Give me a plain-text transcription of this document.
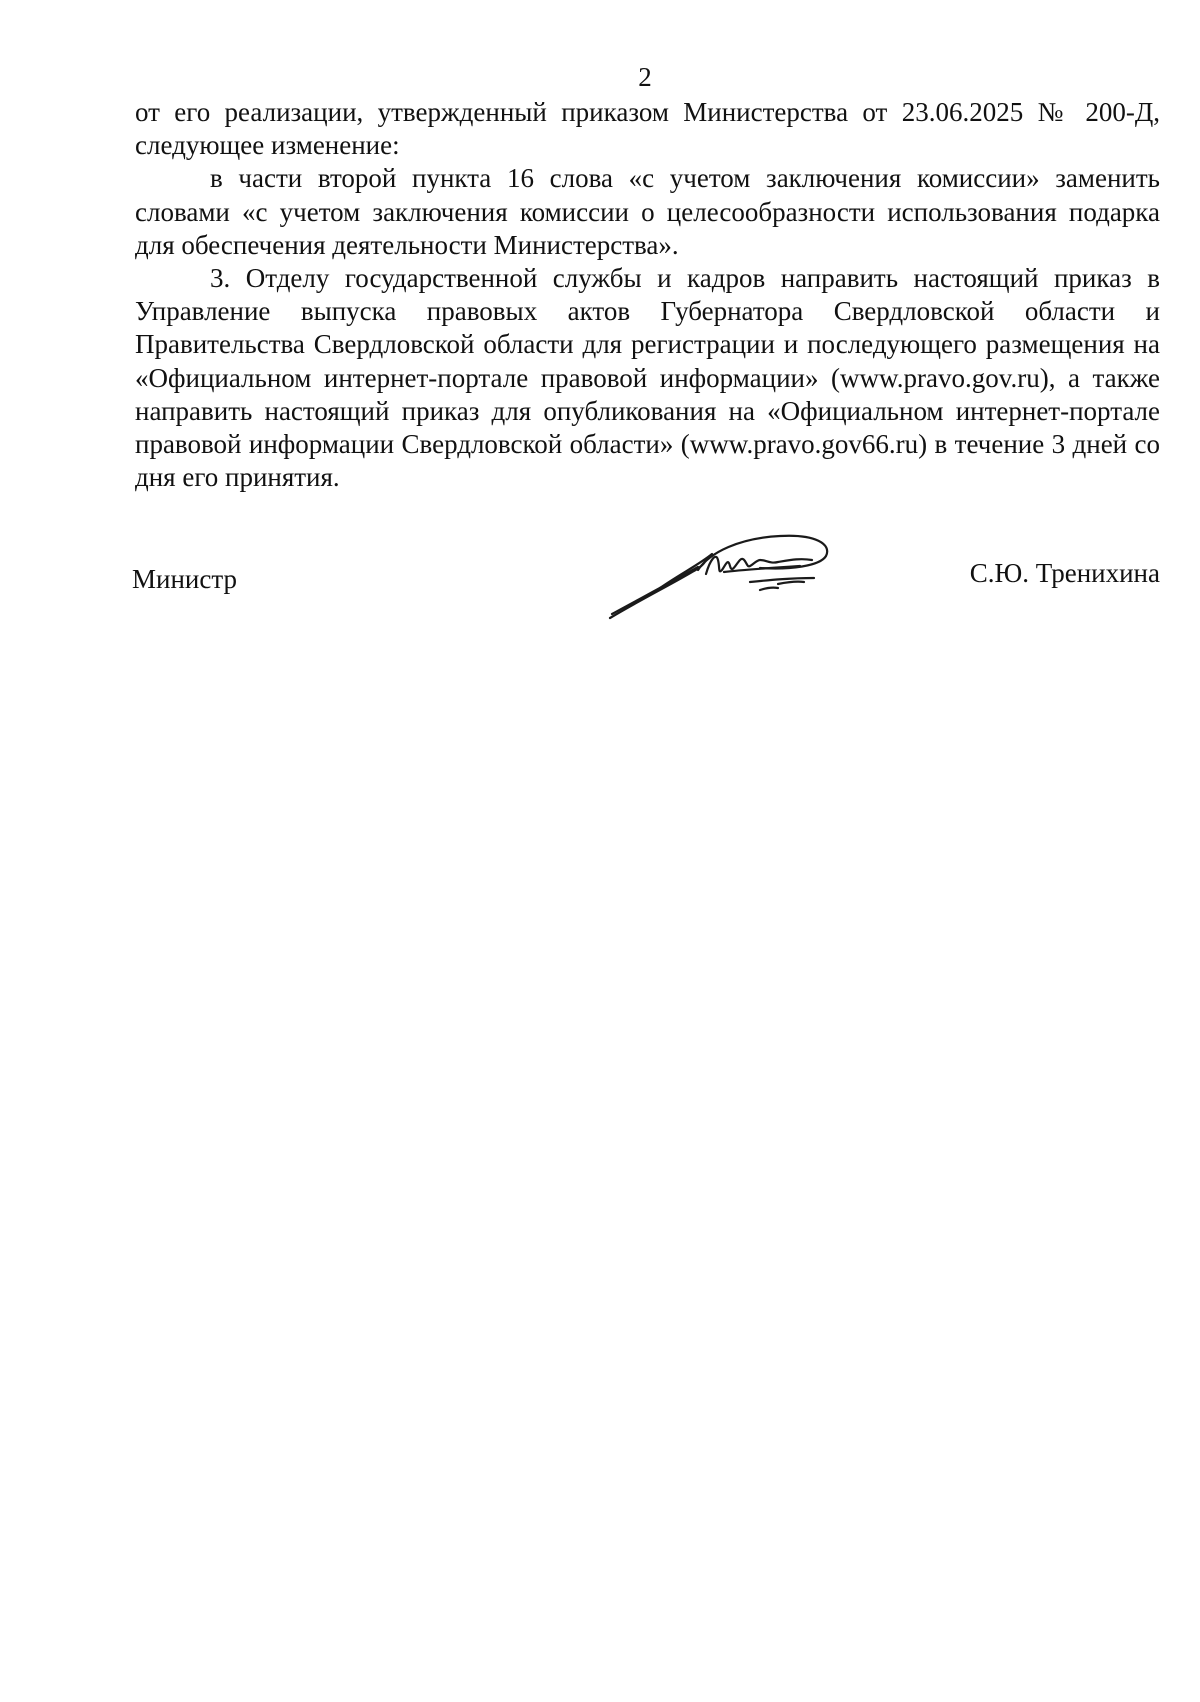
2

от его реализации, утвержденный приказом Министерства от 23.06.2025 № 200-Д, следующее изменение:

в части второй пункта 16 слова «с учетом заключения комиссии» заменить словами «с учетом заключения комиссии о целесообразности использования подарка для обеспечения деятельности Министерства».

3. Отделу государственной службы и кадров направить настоящий приказ в Управление выпуска правовых актов Губернатора Свердловской области и Правительства Свердловской области для регистрации и последующего размещения на «Официальном интернет-портале правовой информации» (www.pravo.gov.ru), а также направить настоящий приказ для опубликования на «Официальном интернет-портале правовой информации Свердловской области» (www.pravo.gov66.ru) в течение 3 дней со дня его принятия.

Министр	С.Ю. Тренихина
